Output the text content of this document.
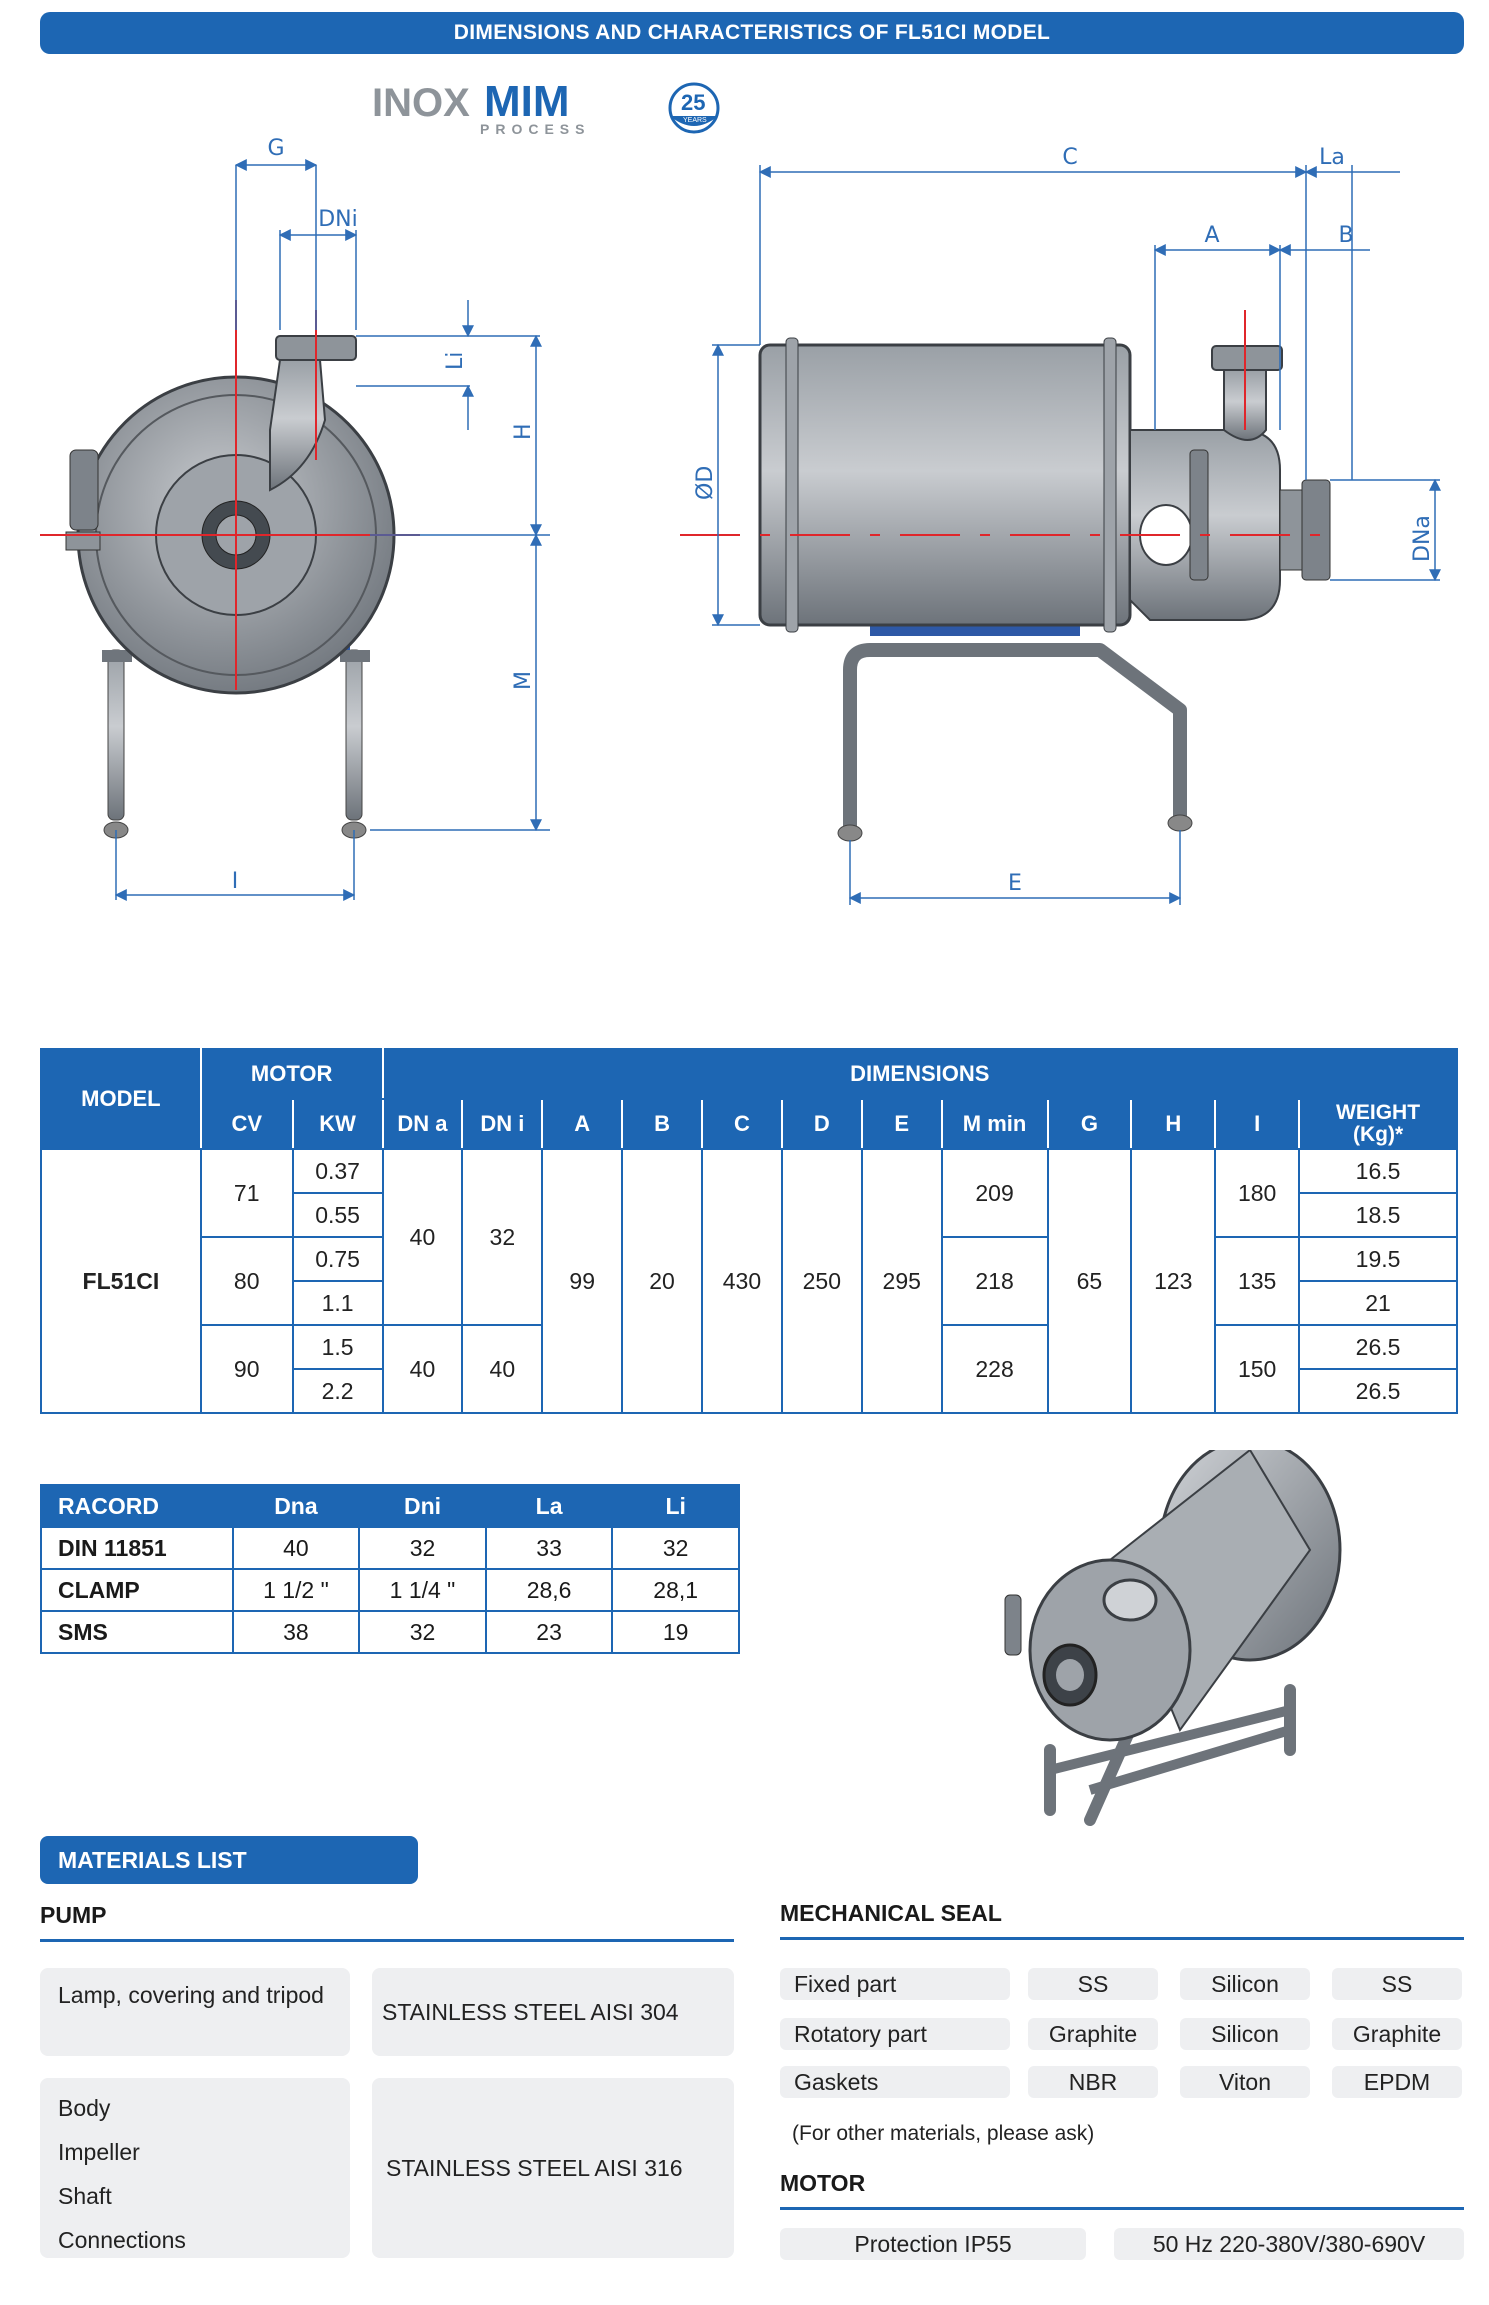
DIMENSIONS AND CHARACTERISTICS OF FL51CI MODEL
INOX MIM
PROCESS
25
YEARS
G
DNi
Li
H
M
I
C	La
A	B
ØD
DNa
E
MODEL	MOTOR		DIMENSIONS											
	CV	KW	DN a	DN i	A	B	C	D	E	M min	G	H	I	WEIGHT
(Kg)*
FL51CI	71	0.37	40	32	99	20	430	250	295	209	65	123	180	16.5
		0.55												18.5
	80	0.75								218			135	19.5
		1.1												21
	90	1.5	40	40						228			150	26.5
		2.2												26.5
RACORD	Dna	Dni	La	Li
DIN 11851	40	32	33	32
CLAMP	1 1/2 "	1 1/4 "	28,6	28,1
SMS	38	32	23	19
MATERIALS LIST
PUMP
Lamp, covering and tripod
STAINLESS STEEL AISI 304
Body
Impeller
Shaft
Connections
STAINLESS STEEL AISI 316
MECHANICAL SEAL
Fixed part	SS	Silicon	SS
Rotatory part	Graphite	Silicon	Graphite
Gaskets	NBR	Viton	EPDM
(For other materials, please ask)
MOTOR
Protection IP55	50 Hz 220-380V/380-690V
